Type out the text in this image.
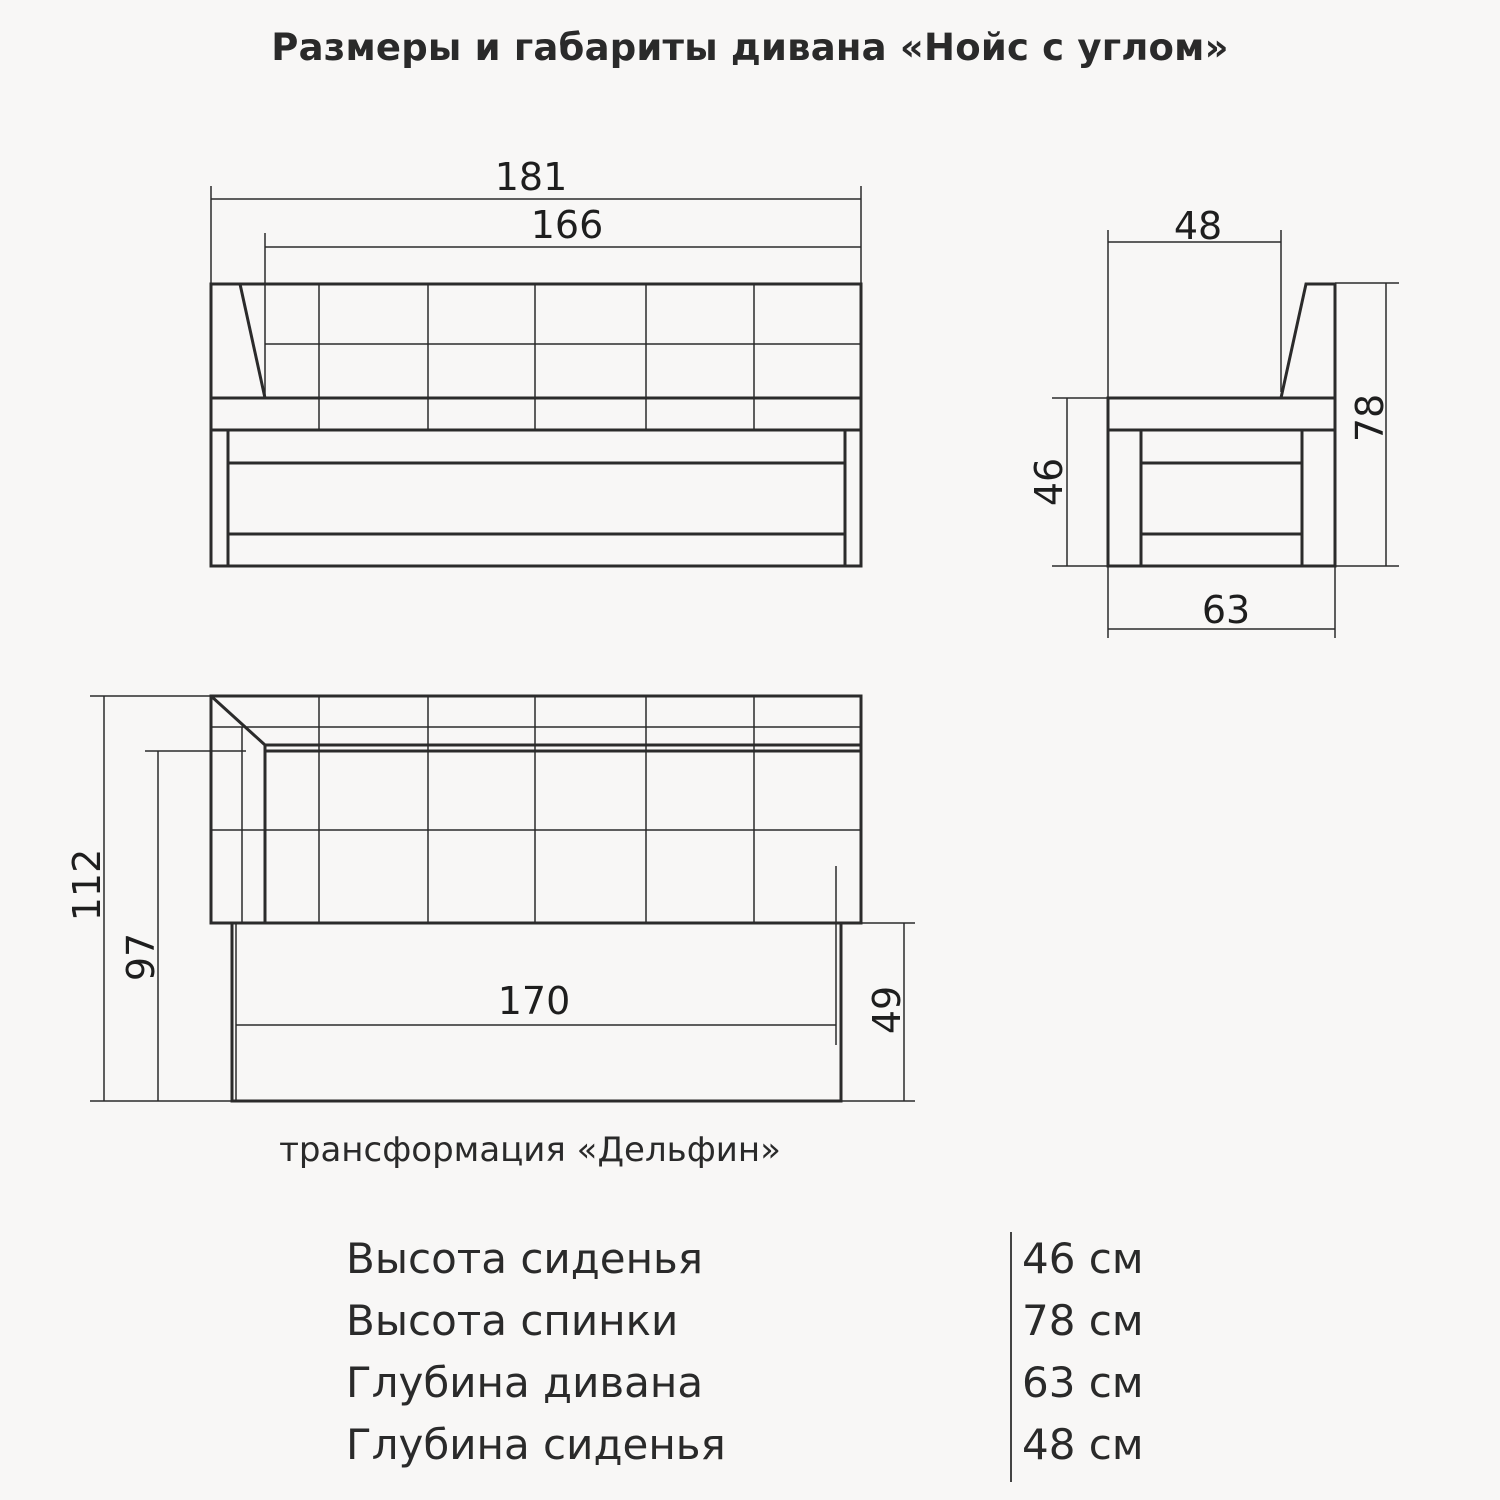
Размеры и габариты дивана «Нойс с углом»
181
166	48
63
46
78
112
97
49
170
трансформация «Дельфин»
Высота сиденья	46 см
Высота спинки	78 см
Глубина дивана	63 см
Глубина сиденья	48 см
